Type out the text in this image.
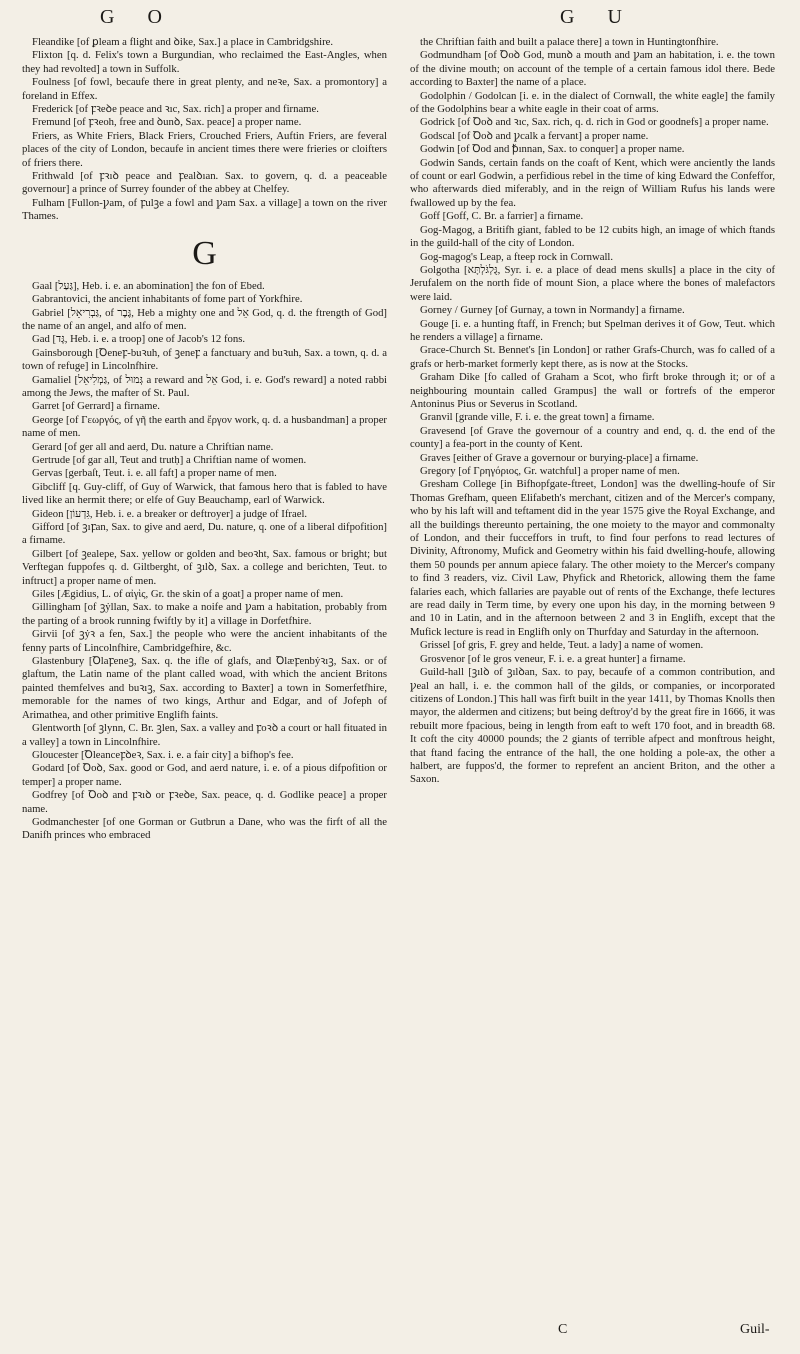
G O	G U

Fleandike [of ꝑleam a flight and ꝺike, Sax.] a place in Cambridgshire.

Flixton [q. d. Felix's town a Burgundian, who reclaimed the East-Angles, when they had revolted] a town in Suffolk.

Foulness [of fowl, becaufe there in great plenty, and neꝛe, Sax. a promontory] a foreland in Effex.

Frederick [of ꝼꝛeꝺe peace and ꝛıc, Sax. rich] a proper and firname.

Fremund [of ꝼꝛeoh, free and ꝺunꝺ, Sax. peace] a proper name.

Friers, as White Friers, Black Friers, Crouched Friers, Auftin Friers, are feveral places of the city of London, becaufe in ancient times there were frieries or cloifters of friers there.

Frithwald [of ꝼꝛıꝺ peace and ꝼealꝺıan. Sax. to govern, q. d. a peaceable governour] a prince of Surrey founder of the abbey at Chelfey.

Fulham [Fullon-ꝩam, of ꝼulꝫe a fowl and ꝩam Sax. a village] a town on the river Thames.

G

Gaal [גַּעַל], Heb. i. e. an abomination] the fon of Ebed.

Gabrantovici, the ancient inhabitants of fome part of Yorkfhire.

Gabriel [גַּבְרִיאֵל, of גֶּבֶר, Heb a mighty one and אֵל God, q. d. the ftrength of God] the name of an angel, and alfo of men.

Gad [גָּד, Heb. i. e. a troop] one of Jacob's 12 fons.

Gainsborough [Ꝺeneꝼ-buꝛuh, of ꝫeneꝼ a fanctuary and buꝛuh, Sax. a town, q. d. a town of refuge] in Lincolnfhire.

Gamaliel [גַּמְלִיאֵל, of גְּמוּל a reward and אֵל God, i. e. God's reward] a noted rabbi among the Jews, the mafter of St. Paul.

Garret [of Gerrard] a firname.

George [of Γεωργός, of γῆ the earth and ἔργον work, q. d. a husbandman] a proper name of men.

Gerard [of ger all and aerd, Du. nature a Chriftian name.

Gertrude [of gar all, Teut and trutḥ] a Chriftian name of women.

Gervas [gerbaſt, Teut. i. e. all faft] a proper name of men.

Gibcliff [q. Guy-cliff, of Guy of Warwick, that famous hero that is fabled to have lived like an hermit there; or elfe of Guy Beauchamp, earl of Warwick.

Gideon [גִּדְעוֹן, Heb. i. e. a breaker or deftroyer] a judge of Ifrael.

Gifford [of ꝫıꝼan, Sax. to give and aerd, Du. nature, q. one of a liberal difpofition] a firname.

Gilbert [of ꝫealepe, Sax. yellow or golden and beoꝛht, Sax. famous or bright; but Verftegan fuppofes q. d. Giltberght, of ꝫılꝺ, Sax. a college and berichten, Teut. to inftruct] a proper name of men.

Giles [Ægidius, L. of αἰγὶς, Gr. the skin of a goat] a proper name of men.

Gillingham [of ꝫẏllan, Sax. to make a noife and ꝩam a habitation, probably from the parting of a brook running fwiftly by it] a village in Dorfetfhire.

Girvii [of ꝫẏꝛ a fen, Sax.] the people who were the ancient inhabitants of the fenny parts of Lincolnfhire, Cambridgefhire, &c.

Glastenbury [Ꝺlaꝼeneꝫ, Sax. q. the ifle of glafs, and Ꝺlæꝼenbẏꝛıꝫ, Sax. or of glaftum, the Latin name of the plant called woad, with which the ancient Britons painted themfelves and buꝛıꝫ, Sax. according to Baxter] a town in Somerfetfhire, memorable for the names of two kings, Arthur and Edgar, and of Jofeph of Arimathea, and other primitive Englifh faints.

Glentworth [of ꝫlynn, C. Br. ꝫlen, Sax. a valley and ꝼoꝛꝺ a court or hall fituated in a valley] a town in Lincolnfhire.

Gloucester [Ꝺleanceꝼꝺeꝛ, Sax. i. e. a fair city] a bifhop's fee.

Godard [of Ꝺoꝺ, Sax. good or God, and aerd nature, i. e. of a pious difpofition or temper] a proper name.

Godfrey [of Ꝺoꝺ and ꝼꝛıꝺ or ꝼꝛeꝺe, Sax. peace, q. d. Godlike peace] a proper name.

Godmanchester [of one Gorman or Gutbrun a Dane, who was the firft of all the Danifh princes who embraced

the Chriftian faith and built a palace there] a town in Huntingtonfhire.

Godmundham [of Ꝺoꝺ God, munꝺ a mouth and ꝩam an habitation, i. e. the town of the divine mouth; on account of the temple of a certain famous idol there. Bede according to Baxter] the name of a place.

Godolphin / Godolcan [i. e. in the dialect of Cornwall, the white eagle] the family of the Godolphins bear a white eagle in their coat of arms.

Godrick [of Ꝺoꝺ and ꝛıc, Sax. rich, q. d. rich in God or goodnefs] a proper name.

Godscal [of Ꝺoꝺ and ꝩcalk a fervant] a proper name.

Godwin [of Ꝺod and ꝥınnan, Sax. to conquer] a proper name.

Godwin Sands, certain fands on the coaft of Kent, which were anciently the lands of count or earl Godwin, a perfidious rebel in the time of king Edward the Confeffor, who afterwards died miferably, and in the reign of William Rufus his lands were fwallowed up by the fea.

Goff [Goff, C. Br. a farrier] a firname.

Gog-Magog, a Britifh giant, fabled to be 12 cubits high, an image of which ftands in the guild-hall of the city of London.

Gog-magog's Leap, a fteep rock in Cornwall.

Golgotha [גֻּלְגֹּלְתָּא, Syr. i. e. a place of dead mens skulls] a place in the city of Jerufalem on the north fide of mount Sion, a place where the bones of malefactors were laid.

Gorney / Gurney [of Gurnay, a town in Normandy] a firname.

Gouge [i. e. a hunting ftaff, in French; but Spelman derives it of Gow, Teut. which he renders a village] a firname.

Grace-Church St. Bennet's [in London] or rather Grafs-Church, was fo called of a grafs or herb-market formerly kept there, as is now at the Stocks.

Graham Dike [fo called of Graham a Scot, who firft broke through it; or of a neighbouring mountain called Grampus] the wall or fortrefs of the emperor Antoninus Pius or Severus in Scotland.

Granvil [grande ville, F. i. e. the great town] a firname.

Gravesend [of Grave the governour of a country and end, q. d. the end of the county] a fea-port in the county of Kent.

Graves [either of Grave a governour or burying-place] a firname.

Gregory [of Γρηγόριος, Gr. watchful] a proper name of men.

Gresham College [in Bifhopfgate-ftreet, London] was the dwelling-houfe of Sir Thomas Grefham, queen Elifabeth's merchant, citizen and of the Mercer's company, who by his laft will and teftament did in the year 1575 give the Royal Exchange, and all the buildings thereunto pertaining, the one moiety to the mayor and commonalty of London, and their fucceffors in truft, to find four perfons to read lectures of Divinity, Aftronomy, Mufick and Geometry within his faid dwelling-houfe, allowing them 50 pounds per annum apiece falary. The other moiety to the Mercer's company to find 3 readers, viz. Civil Law, Phyfick and Rhetorick, allowing them the fame falaries each, which fallaries are payable out of rents of the Exchange, thefe lectures are read daily in Term time, by every one upon his day, in the morning between 9 and 10 in Latin, and in the afternoon between 2 and 3 in Englifh, except that the Mufick lecture is read in Englifh only on Thurfday and Saturday in the afternoon.

Grissel [of gris, F. grey and helde, Teut. a lady] a name of women.

Grosvenor [of le gros veneur, F. i. e. a great hunter] a firname.

Guild-hall [ꝫılꝺ of ꝫılꝺan, Sax. to pay, becaufe of a common contribution, and ꝩeal an hall, i. e. the common hall of the gilds, or companies, or incorporated citizens of London.] This hall was firft built in the year 1411, by Thomas Knolls then mayor, the aldermen and citizens; but being deftroy'd by the great fire in 1666, it was rebuilt more fpacious, being in length from eaft to weft 170 foot, and in breadth 68. It coft the city 40000 pounds; the 2 giants of terrible afpect and monftrous height, that ftand facing the entrance of the hall, the one holding a pole-ax, the other a halbert, are fuppos'd, the former to reprefent an ancient Briton, and the other a Saxon.

C	Guil-
